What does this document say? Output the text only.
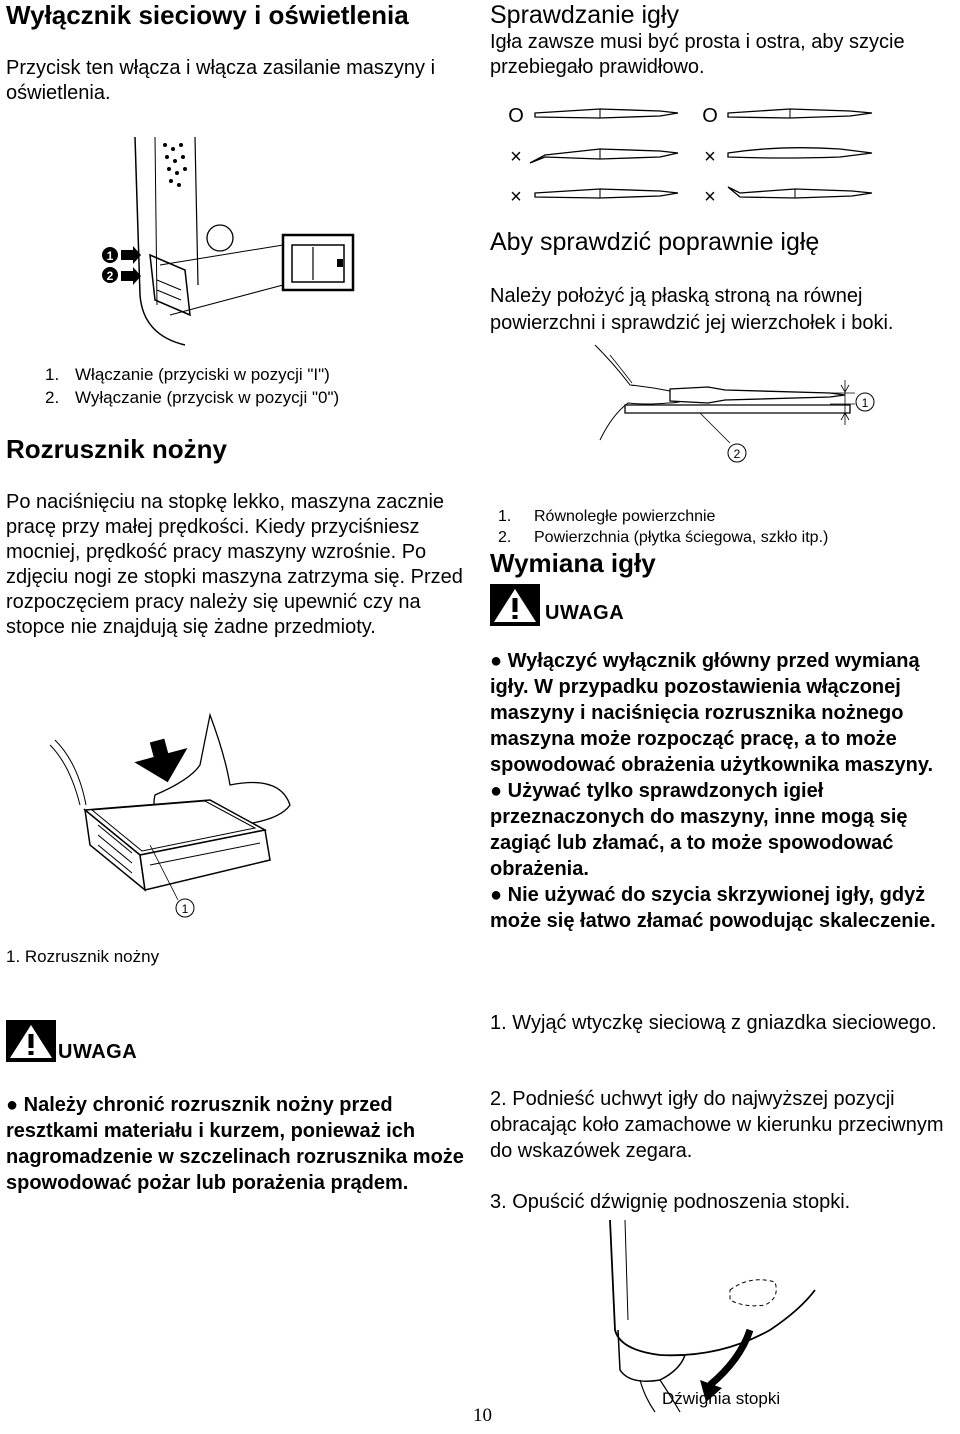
Wyłącznik sieciowy i oświetlenia
Przycisk ten włącza i włącza zasilanie maszyny i oświetlenia.
1
2
1. Włączanie (przyciski w pozycji "I")
2. Wyłączanie (przycisk w pozycji "0")
Rozrusznik nożny
Po naciśnięciu na stopkę lekko, maszyna zacznie pracę przy małej prędkości. Kiedy przyciśniesz mocniej, prędkość pracy maszyny wzrośnie. Po zdjęciu nogi ze stopki maszyna zatrzyma się. Przed rozpoczęciem pracy należy się upewnić czy na stopce nie znajdują się żadne przedmioty.
1
1. Rozrusznik nożny
UWAGA
● Należy chronić rozrusznik nożny przed resztkami materiału i kurzem, ponieważ ich nagromadzenie w szczelinach rozrusznika może spowodować pożar lub porażenia prądem.
Sprawdzanie igły
Igła zawsze musi być prosta i ostra, aby szycie przebiegało prawidłowo.
O	O
×	×
×	×
Aby sprawdzić poprawnie igłę
Należy położyć ją płaską stroną na równej powierzchni i sprawdzić jej wierzchołek i boki.
1
2
1. Równoległe powierzchnie
2. Powierzchnia (płytka ściegowa, szkło itp.)
Wymiana igły
UWAGA
● Wyłączyć wyłącznik główny przed wymianą igły. W przypadku pozostawienia włączonej maszyny i naciśnięcia rozrusznika nożnego maszyna może rozpocząć pracę, a to może spowodować obrażenia użytkownika maszyny.
● Używać tylko sprawdzonych igieł przeznaczonych do maszyny, inne mogą się zagiąć lub złamać, a to może spowodować obrażenia.
● Nie używać do szycia skrzywionej igły, gdyż może się łatwo złamać powodując skaleczenie.
1. Wyjąć wtyczkę sieciową z gniazdka sieciowego.
2. Podnieść uchwyt igły do najwyższej pozycji obracając koło zamachowe w kierunku przeciwnym do wskazówek zegara.
3. Opuścić dźwignię podnoszenia stopki.
Dźwignia stopki
10
